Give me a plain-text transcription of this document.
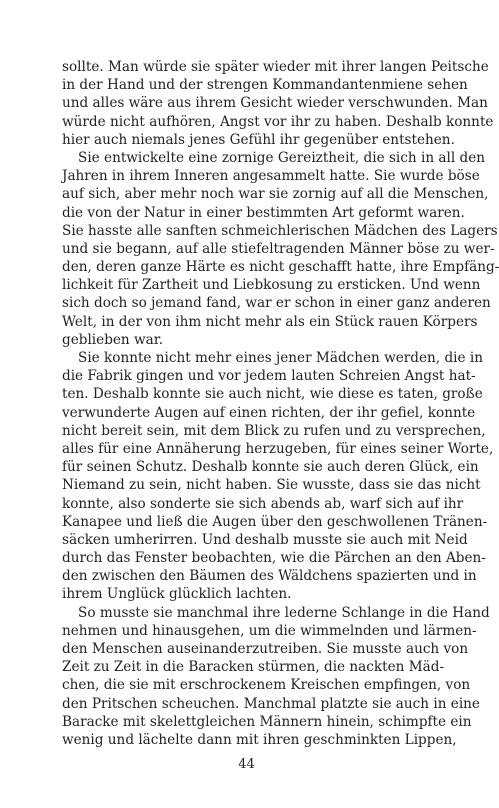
sollte. Man würde sie später wieder mit ihrer langen Peitsche
in der Hand und der strengen Kommandantenmiene sehen
und alles wäre aus ihrem Gesicht wieder verschwunden. Man
würde nicht aufhören, Angst vor ihr zu haben. Deshalb konnte
hier auch niemals jenes Gefühl ihr gegenüber entstehen.
Sie entwickelte eine zornige Gereiztheit, die sich in all den
Jahren in ihrem Inneren angesammelt hatte. Sie wurde böse
auf sich, aber mehr noch war sie zornig auf all die Menschen,
die von der Natur in einer bestimmten Art geformt waren.
Sie hasste alle sanften schmeichlerischen Mädchen des Lagers
und sie begann, auf alle stiefeltragenden Männer böse zu wer-
den, deren ganze Härte es nicht geschafft hatte, ihre Empfäng-
lichkeit für Zartheit und Liebkosung zu ersticken. Und wenn
sich doch so jemand fand, war er schon in einer ganz anderen
Welt, in der von ihm nicht mehr als ein Stück rauen Körpers
geblieben war.
Sie konnte nicht mehr eines jener Mädchen werden, die in
die Fabrik gingen und vor jedem lauten Schreien Angst hat-
ten. Deshalb konnte sie auch nicht, wie diese es taten, große
verwunderte Augen auf einen richten, der ihr gefiel, konnte
nicht bereit sein, mit dem Blick zu rufen und zu versprechen,
alles für eine Annäherung herzugeben, für eines seiner Worte,
für seinen Schutz. Deshalb konnte sie auch deren Glück, ein
Niemand zu sein, nicht haben. Sie wusste, dass sie das nicht
konnte, also sonderte sie sich abends ab, warf sich auf ihr
Kanapee und ließ die Augen über den geschwollenen Tränen-
säcken umherirren. Und deshalb musste sie auch mit Neid
durch das Fenster beobachten, wie die Pärchen an den Aben-
den zwischen den Bäumen des Wäldchens spazierten und in
ihrem Unglück glücklich lachten.
So musste sie manchmal ihre lederne Schlange in die Hand
nehmen und hinausgehen, um die wimmelnden und lärmen-
den Menschen auseinanderzutreiben. Sie musste auch von
Zeit zu Zeit in die Baracken stürmen, die nackten Mäd-
chen, die sie mit erschrockenem Kreischen empfingen, von
den Pritschen scheuchen. Manchmal platzte sie auch in eine
Baracke mit skelettgleichen Männern hinein, schimpfte ein
wenig und lächelte dann mit ihren geschminkten Lippen,
44
